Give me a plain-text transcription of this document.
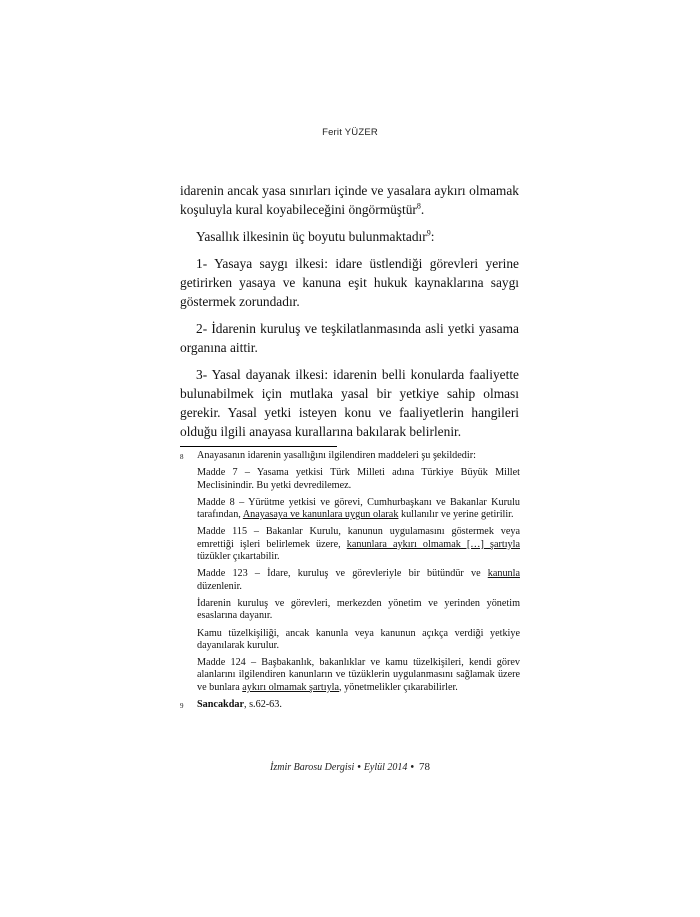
Ferit YÜZER

idarenin ancak yasa sınırları içinde ve yasalara aykırı olmamak koşuluyla kural koyabileceğini öngörmüştür$^8$.

Yasallık ilkesinin üç boyutu bulunmaktadır$^9$:

1- Yasaya saygı ilkesi: idare üstlendiği görevleri yerine getirirken yasaya ve kanuna eşit hukuk kaynaklarına saygı göstermek zorundadır.

2- İdarenin kuruluş ve teşkilatlanmasında asli yetki yasama organına aittir.

3- Yasal dayanak ilkesi: idarenin belli konularda faaliyette bulunabilmek için mutlaka yasal bir yetkiye sahip olması gerekir. Yasal yetki isteyen konu ve faaliyetlerin hangileri olduğu ilgili anayasa kurallarına bakılarak belirlenir.

8 Anayasanın idarenin yasallığını ilgilendiren maddeleri şu şekildedir:
Madde 7 – Yasama yetkisi Türk Milleti adına Türkiye Büyük Millet Meclisinindir. Bu yetki devredilemez.
Madde 8 – Yürütme yetkisi ve görevi, Cumhurbaşkanı ve Bakanlar Kurulu tarafından, Anayasaya ve kanunlara uygun olarak kullanılır ve yerine getirilir.
Madde 115 – Bakanlar Kurulu, kanunun uygulamasını göstermek veya emrettiği işleri belirlemek üzere, kanunlara aykırı olmamak […] şartıyla tüzükler çıkartabilir.
Madde 123 – İdare, kuruluş ve görevleriyle bir bütündür ve kanunla düzenlenir.
İdarenin kuruluş ve görevleri, merkezden yönetim ve yerinden yönetim esaslarına dayanır.
Kamu tüzelkişiliği, ancak kanunla veya kanunun açıkça verdiği yetkiye dayanılarak kurulur.
Madde 124 – Başbakanlık, bakanlıklar ve kamu tüzelkişileri, kendi görev alanlarını ilgilendiren kanunların ve tüzüklerin uygulanmasını sağlamak üzere ve bunlara aykırı olmamak şartıyla, yönetmelikler çıkarabilirler.
9 Sancakdar, s.62-63.
İzmir Barosu Dergisi • Eylül 2014 • 78
